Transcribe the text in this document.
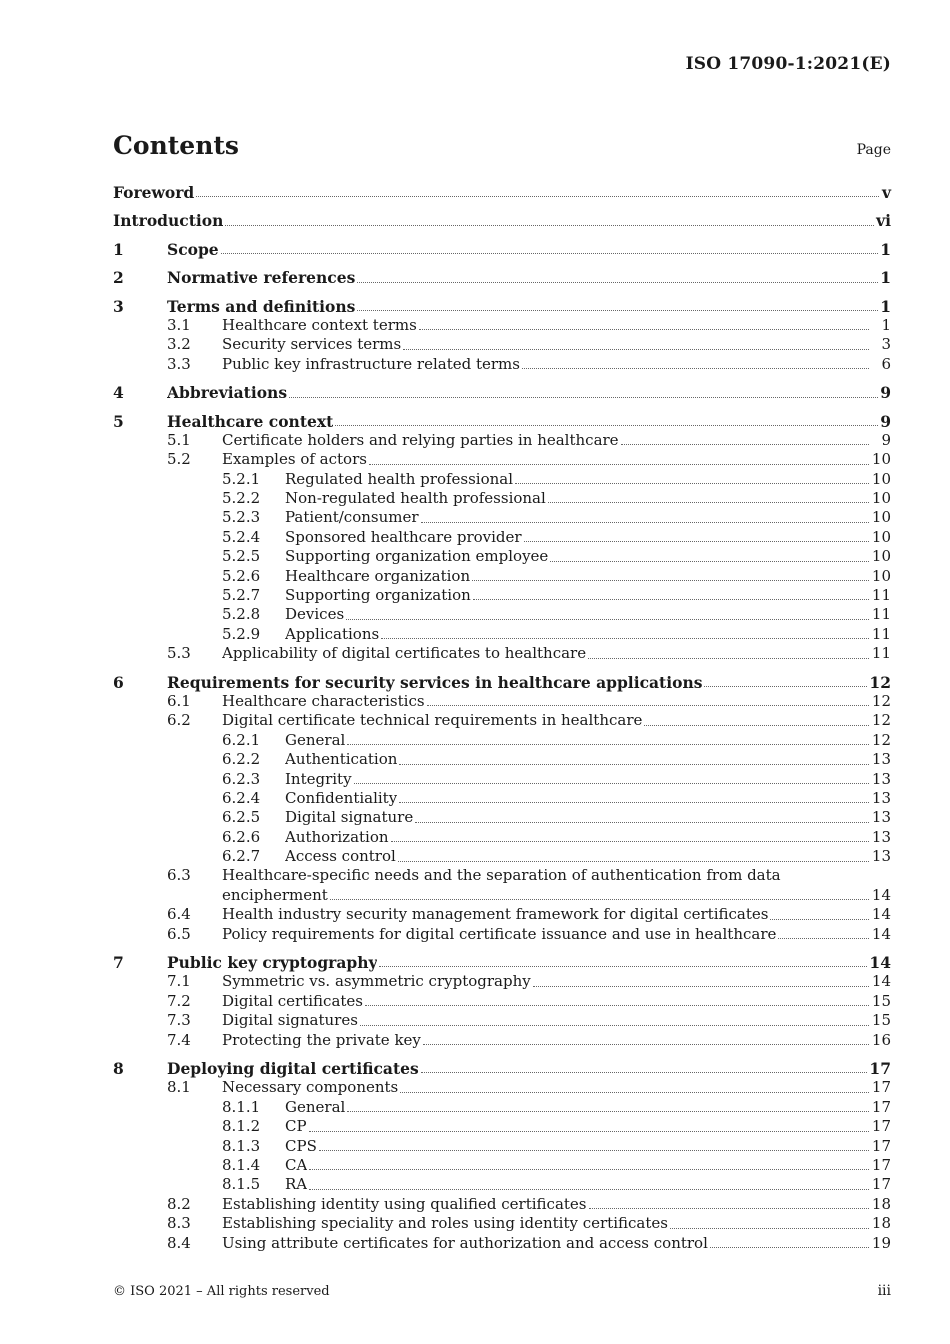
ISO 17090-1:2021(E)
Contents	Page
Foreword	v
Introduction	vi
1	Scope	1
2	Normative references	1
3	Terms and definitions	1
3.1 Healthcare context terms	1
3.2 Security services terms	3
3.3 Public key infrastructure related terms	6
4	Abbreviations	9
5	Healthcare context	9
5.1 Certificate holders and relying parties in healthcare	9
5.2 Examples of actors	10
5.2.1 Regulated health professional	10
5.2.2 Non-regulated health professional	10
5.2.3 Patient/consumer	10
5.2.4 Sponsored healthcare provider	10
5.2.5 Supporting organization employee	10
5.2.6 Healthcare organization	10
5.2.7 Supporting organization	11
5.2.8 Devices	11
5.2.9 Applications	11
5.3 Applicability of digital certificates to healthcare	11
6	Requirements for security services in healthcare applications	12
6.1 Healthcare characteristics	12
6.2 Digital certificate technical requirements in healthcare	12
6.2.1 General	12
6.2.2 Authentication	13
6.2.3 Integrity	13
6.2.4 Confidentiality	13
6.2.5 Digital signature	13
6.2.6 Authorization	13
6.2.7 Access control	13
6.3 Healthcare-specific needs and the separation of authentication from data
encipherment	14
6.4 Health industry security management framework for digital certificates	14
6.5 Policy requirements for digital certificate issuance and use in healthcare	14
7	Public key cryptography	14
7.1 Symmetric vs. asymmetric cryptography	14
7.2 Digital certificates	15
7.3 Digital signatures	15
7.4 Protecting the private key	16
8	Deploying digital certificates	17
8.1 Necessary components	17
8.1.1 General	17
8.1.2 CP	17
8.1.3 CPS	17
8.1.4 CA	17
8.1.5 RA	17
8.2 Establishing identity using qualified certificates	18
8.3 Establishing speciality and roles using identity certificates	18
8.4 Using attribute certificates for authorization and access control	19
© ISO 2021 – All rights reserved	iii
